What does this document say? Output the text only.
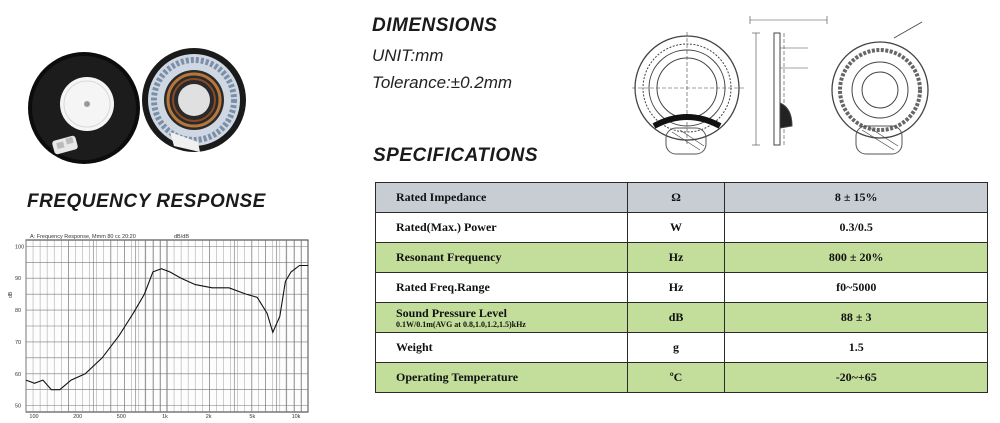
FREQUENCY RESPONSE
A: Frequency Response, Mmm 80 cc 20:20	dB/dB
dB
100
90
80
70
60
50
100	200	500	1k	2k	5k	10k
DIMENSIONS
UNIT:mm
Tolerance:±0.2mm
SPECIFICATIONS
Rated Impedance	Ω	8 ± 15%
Rated(Max.) Power	W	0.3/0.5
Resonant Frequency	Hz	800 ± 20%
Rated Freq.Range	Hz	f0~5000
Sound Pressure Level
0.1W/0.1m(AVG at 0.8,1.0,1.2,1.5)kHz	dB	88 ± 3
Weight	g	1.5
Operating Temperature	ºC	-20~+65
